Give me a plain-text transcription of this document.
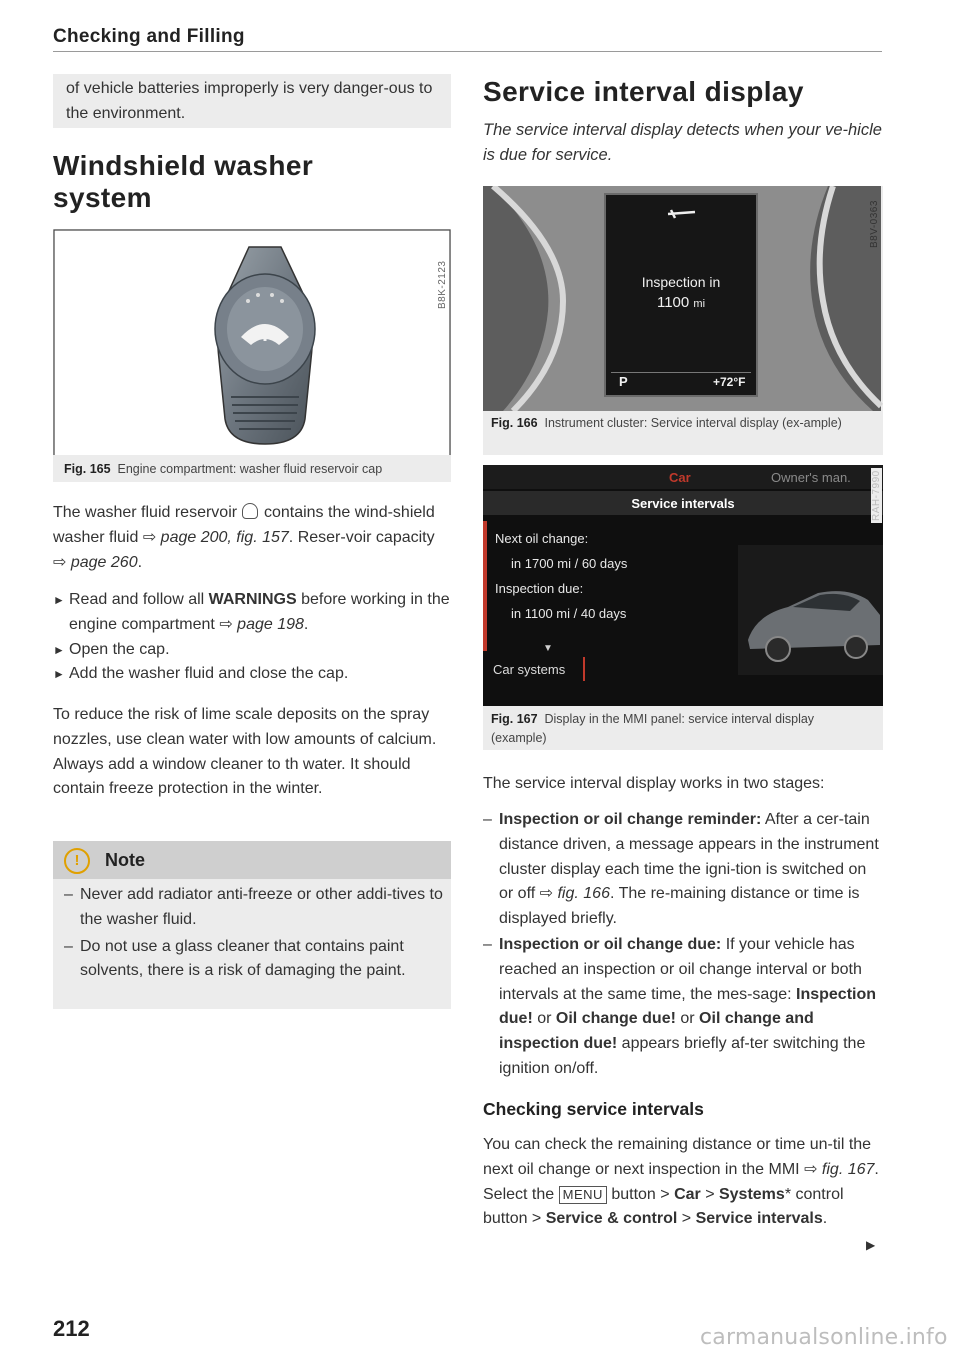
Checking and Filling
of vehicle batteries improperly is very danger-ous to the environment.
Windshield washer
system
B8K-2123
Fig. 165 Engine compartment: washer fluid reservoir cap
The washer fluid reservoir  contains the wind-shield washer fluid ⇨ page 200, fig. 157. Reser-voir capacity ⇨ page 260.
► Read and follow all WARNINGS before working in the engine compartment ⇨ page 198.
► Open the cap.
► Add the washer fluid and close the cap.
To reduce the risk of lime scale deposits on the spray nozzles, use clean water with low amounts of calcium. Always add a window cleaner to th water. It should contain freeze protection in the winter.
!	Note
– Never add radiator anti-freeze or other addi-tives to the washer fluid.
– Do not use a glass cleaner that contains paint solvents, there is a risk of damaging the paint.
Service interval display
The service interval display detects when your ve-hicle is due for service.
Inspection in
1100 mi
P	+72°F
B8V-0363
Fig. 166 Instrument cluster: Service interval display (ex-ample)
Car	Owner's man.
Service intervals
Next oil change:
in 1700 mi / 60 days
Inspection due:
in 1100 mi / 40 days
▼
Car systems
RAH-7990
Fig. 167 Display in the MMI panel: service interval display (example)
The service interval display works in two stages:
– Inspection or oil change reminder: After a cer-tain distance driven, a message appears in the instrument cluster display each time the igni-tion is switched on or off ⇨ fig. 166. The re-maining distance or time is displayed briefly.
– Inspection or oil change due: If your vehicle has reached an inspection or oil change interval or both intervals at the same time, the mes-sage: Inspection due! or Oil change due! or Oil change and inspection due! appears briefly af-ter switching the ignition on/off.
Checking service intervals
You can check the remaining distance or time un-til the next oil change or next inspection in the MMI ⇨ fig. 167. Select the MENU button > Car > Systems* control button > Service & control > Service intervals.
▶
212	carmanualsonline.info
